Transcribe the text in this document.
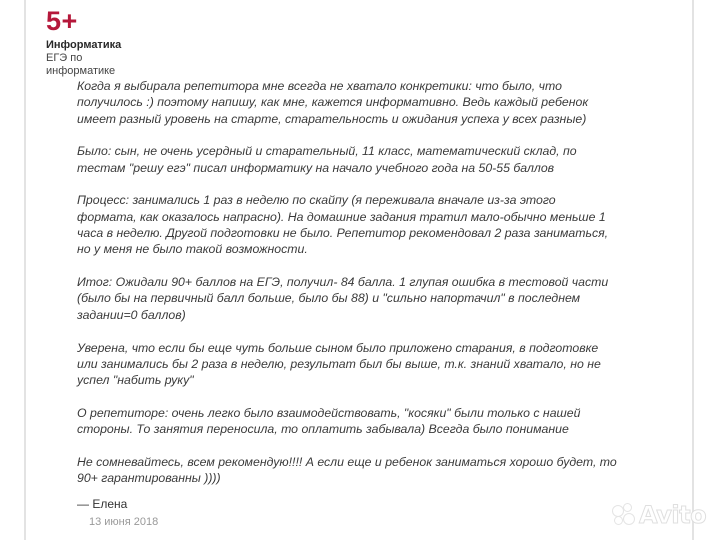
5+
Информатика
ЕГЭ по информатике

Когда я выбирала репетитора мне всегда не хватало конкретики: что было, что получилось :) поэтому напишу, как мне, кажется информативно. Ведь каждый ребенок имеет разный уровень на старте, старательность и ожидания успеха у всех разные)

Было: сын, не очень усердный и старательный, 11 класс, математический склад, по тестам "решу егэ" писал информатику на начало учебного года на 50-55 баллов

Процесс: занимались 1 раз в неделю по скайпу (я переживала вначале из-за этого формата, как оказалось напрасно). На домашние задания тратил мало-обычно меньше 1 часа в неделю. Другой подготовки не было. Репетитор рекомендовал 2 раза заниматься, но у меня не было такой возможности.

Итог: Ожидали 90+ баллов на ЕГЭ, получил- 84 балла. 1 глупая ошибка в тестовой части (было бы на первичный балл больше, было бы 88) и "сильно напортачил" в последнем задании=0 баллов)

Уверена, что если бы еще чуть больше сыном было приложено старания, в подготовке или занимались бы 2 раза в неделю, результат был бы выше, т.к. знаний хватало, но не успел "набить руку"

О репетиторе: очень легко было взаимодействовать, "косяки" были только с нашей стороны. То занятия переносила, то оплатить забывала) Всегда было понимание

Не сомневайтесь, всем рекомендую!!!! А если еще и ребенок заниматься хорошо будет, то 90+ гарантированны ))))

— Елена
13 июня 2018	Avito
